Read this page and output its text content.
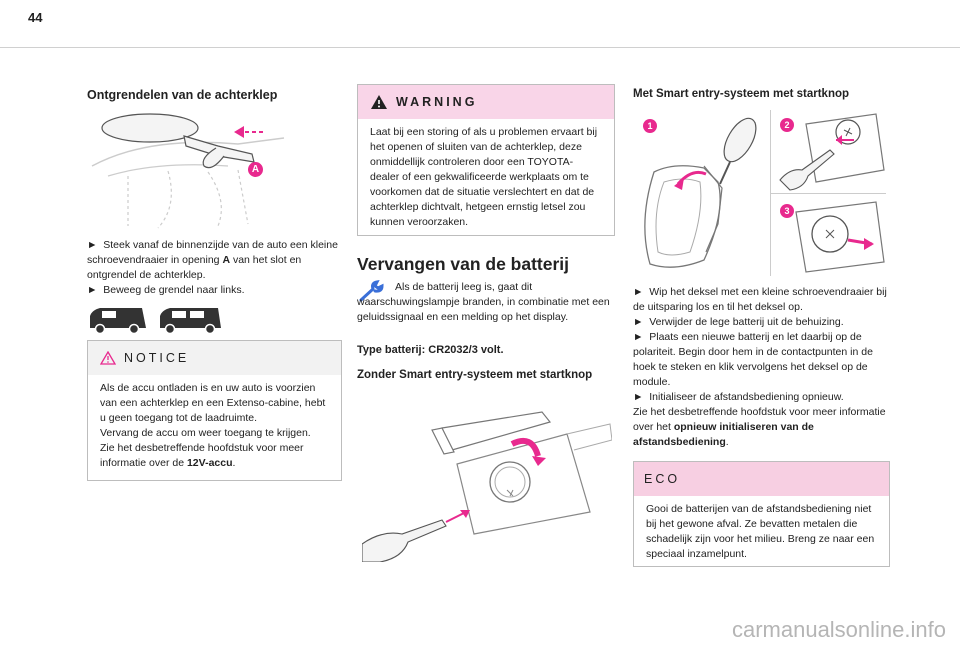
44
Ontgrendelen van de achterklep
A

► Steek vanaf de binnenzijde van de auto een kleine schroevendraaier in opening A van het slot en ontgrendel de achterklep.

► Beweeg de grendel naar links.

NOTICE

Als de accu ontladen is en uw auto is voorzien van een achterklep en een Extenso-cabine, hebt u geen toegang tot de laadruimte.

Vervang de accu om weer toegang te krijgen.

Zie het desbetreffende hoofdstuk voor meer informatie over de 12V-accu.

WARNING

Laat bij een storing of als u problemen ervaart bij het openen of sluiten van de achterklep, deze onmiddellijk controleren door een TOYOTA-dealer of een gekwalificeerde werkplaats om te voorkomen dat de situatie verslechtert en dat de achterklep dichtvalt, hetgeen ernstig letsel zou kunnen veroorzaken.

Vervangen van de batterij

Als de batterij leeg is, gaat dit waarschuwingslampje branden, in combinatie met een geluidssignaal en een melding op het display.

Type batterij: CR2032/3 volt.
Zonder Smart entry-systeem met startknop
Met Smart entry-systeem met startknop
1	2
3

► Wip het deksel met een kleine schroevendraaier bij de uitsparing los en til het deksel op.

► Verwijder de lege batterij uit de behuizing.

► Plaats een nieuwe batterij en let daarbij op de polariteit. Begin door hem in de contactpunten in de hoek te steken en klik vervolgens het deksel op de module.

► Initialiseer de afstandsbediening opnieuw.

Zie het desbetreffende hoofdstuk voor meer informatie over het opnieuw initialiseren van de afstandsbediening.

ECO

Gooi de batterijen van de afstandsbediening niet bij het gewone afval. Ze bevatten metalen die schadelijk zijn voor het milieu. Breng ze naar een speciaal inzamelpunt.

carmanualsonline.info
